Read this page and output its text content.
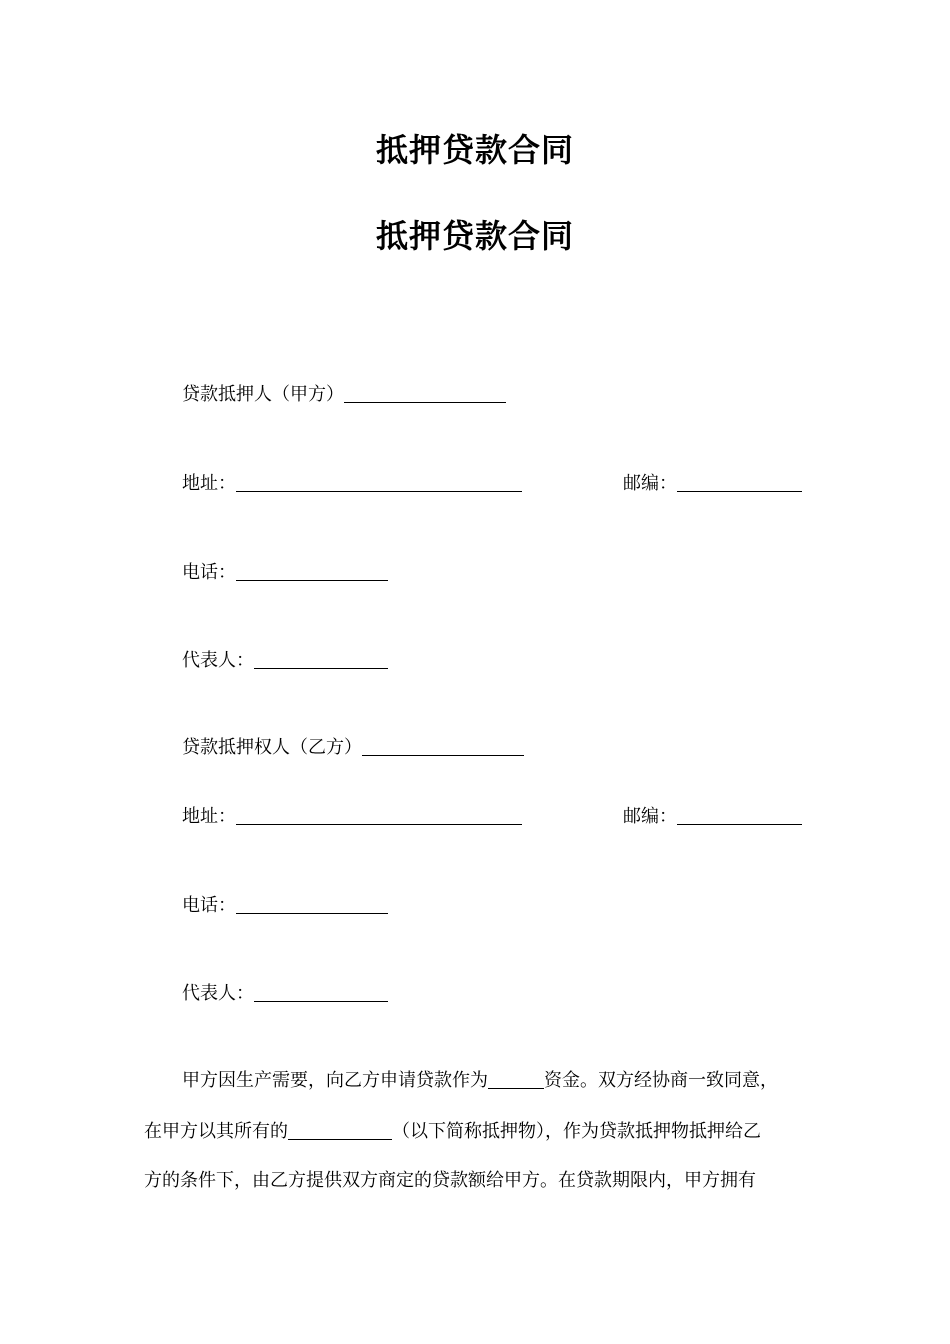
抵押贷款合同
抵押贷款合同
贷款抵押人（甲方）
地址：	邮编：
电话：
代表人：
贷款抵押权人（乙方）
地址：	邮编：
电话：
代表人：
甲方因生产需要，向乙方申请贷款作为	资金。双方经协商一致同意，
在甲方以其所有的	（以下简称抵押物），作为贷款抵押物抵押给乙
方的条件下，由乙方提供双方商定的贷款额给甲方。在贷款期限内，甲方拥有
